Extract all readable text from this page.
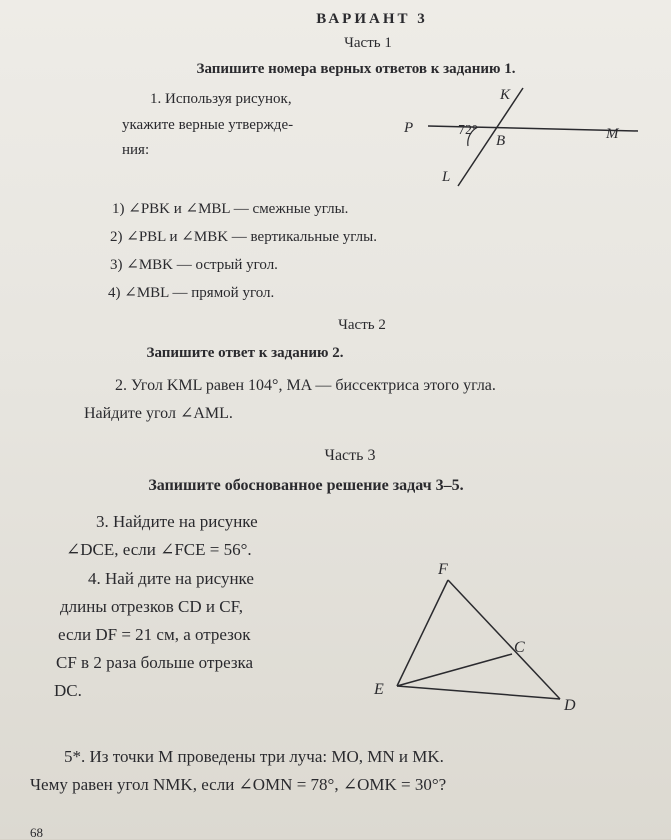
ВАРИАНТ 3
Часть 1
Запишите номера верных ответов к заданию 1.
1. Используя рисунок,
укажите верные утвержде-
ния:
K
P	M
B
L
72°
1) ∠PBK и ∠MBL — смежные углы.
2) ∠PBL и ∠MBK — вертикальные углы.
3) ∠MBK — острый угол.
4) ∠MBL — прямой угол.
Часть 2
Запишите ответ к заданию 2.
2. Угол KML равен 104°, MA — биссектриса этого угла.
Найдите угол ∠AML.
Часть 3
Запишите обоснованное решение задач 3–5.
3. Найдите на рисунке
∠DCE, если ∠FCE = 56°.
4. Най дите на рисунке
длины отрезков CD и CF,
если DF = 21 см, а отрезок
CF в 2 раза больше отрезка
DC.
F
C
E
D
5*. Из точки M проведены три луча: MO, MN и MK.
Чему равен угол NMK, если ∠OMN = 78°, ∠OMK = 30°?
68
